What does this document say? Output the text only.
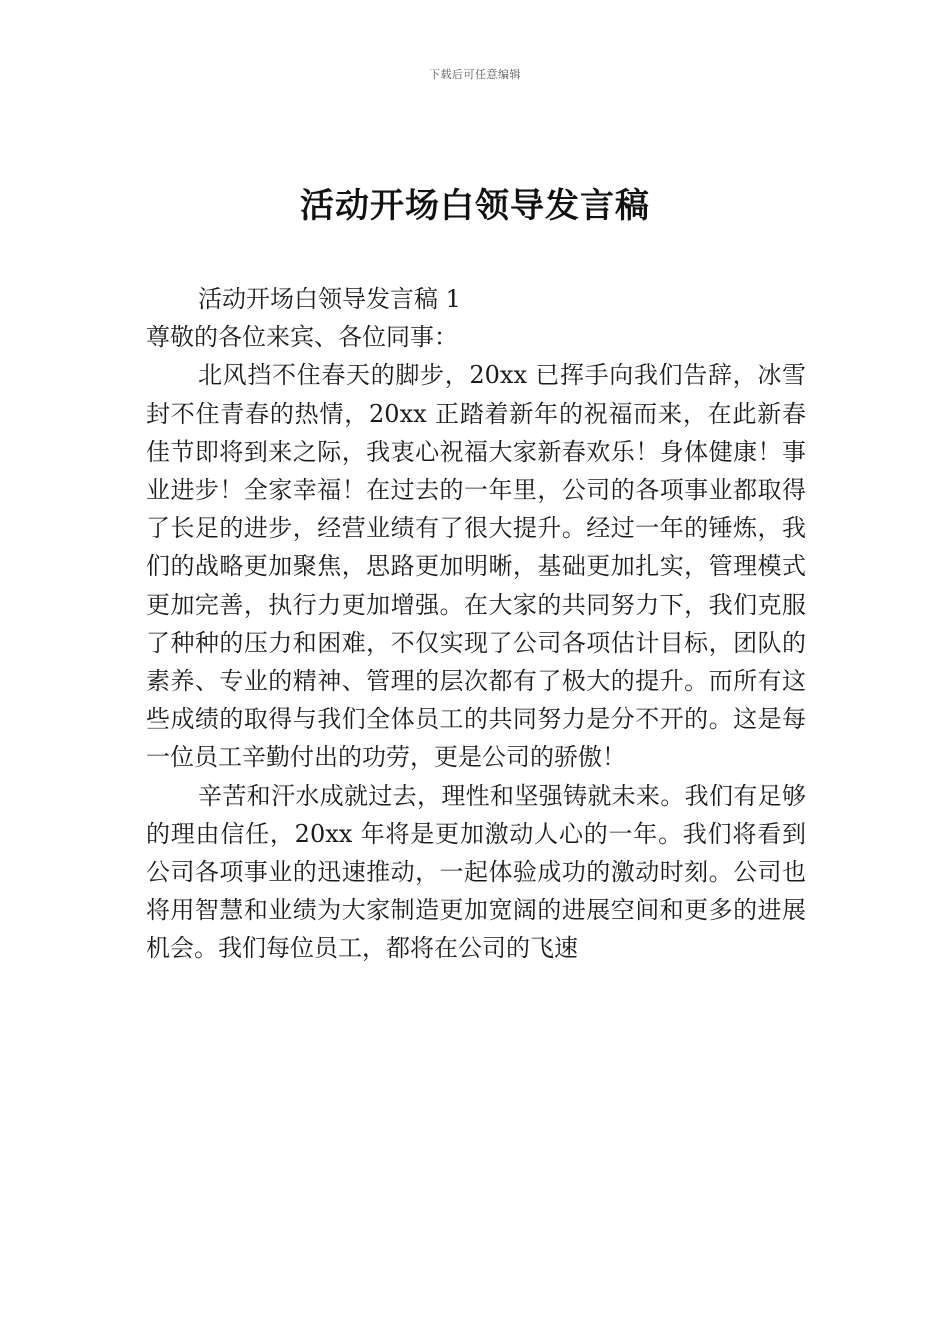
下载后可任意编辑
活动开场白领导发言稿

活动开场白领导发言稿 1

尊敬的各位来宾、各位同事：

北风挡不住春天的脚步，20xx 已挥手向我们告辞，冰雪封不住青春的热情，20xx 正踏着新年的祝福而来，在此新春佳节即将到来之际，我衷心祝福大家新春欢乐！身体健康！事业进步！全家幸福！在过去的一年里，公司的各项事业都取得了长足的进步，经营业绩有了很大提升。经过一年的锤炼，我们的战略更加聚焦，思路更加明晰，基础更加扎实，管理模式更加完善，执行力更加增强。在大家的共同努力下，我们克服了种种的压力和困难，不仅实现了公司各项估计目标，团队的素养、专业的精神、管理的层次都有了极大的提升。而所有这些成绩的取得与我们全体员工的共同努力是分不开的。这是每一位员工辛勤付出的功劳，更是公司的骄傲！

辛苦和汗水成就过去，理性和坚强铸就未来。我们有足够的理由信任，20xx 年将是更加激动人心的一年。我们将看到公司各项事业的迅速推动，一起体验成功的激动时刻。公司也将用智慧和业绩为大家制造更加宽阔的进展空间和更多的进展机会。我们每位员工，都将在公司的飞速
